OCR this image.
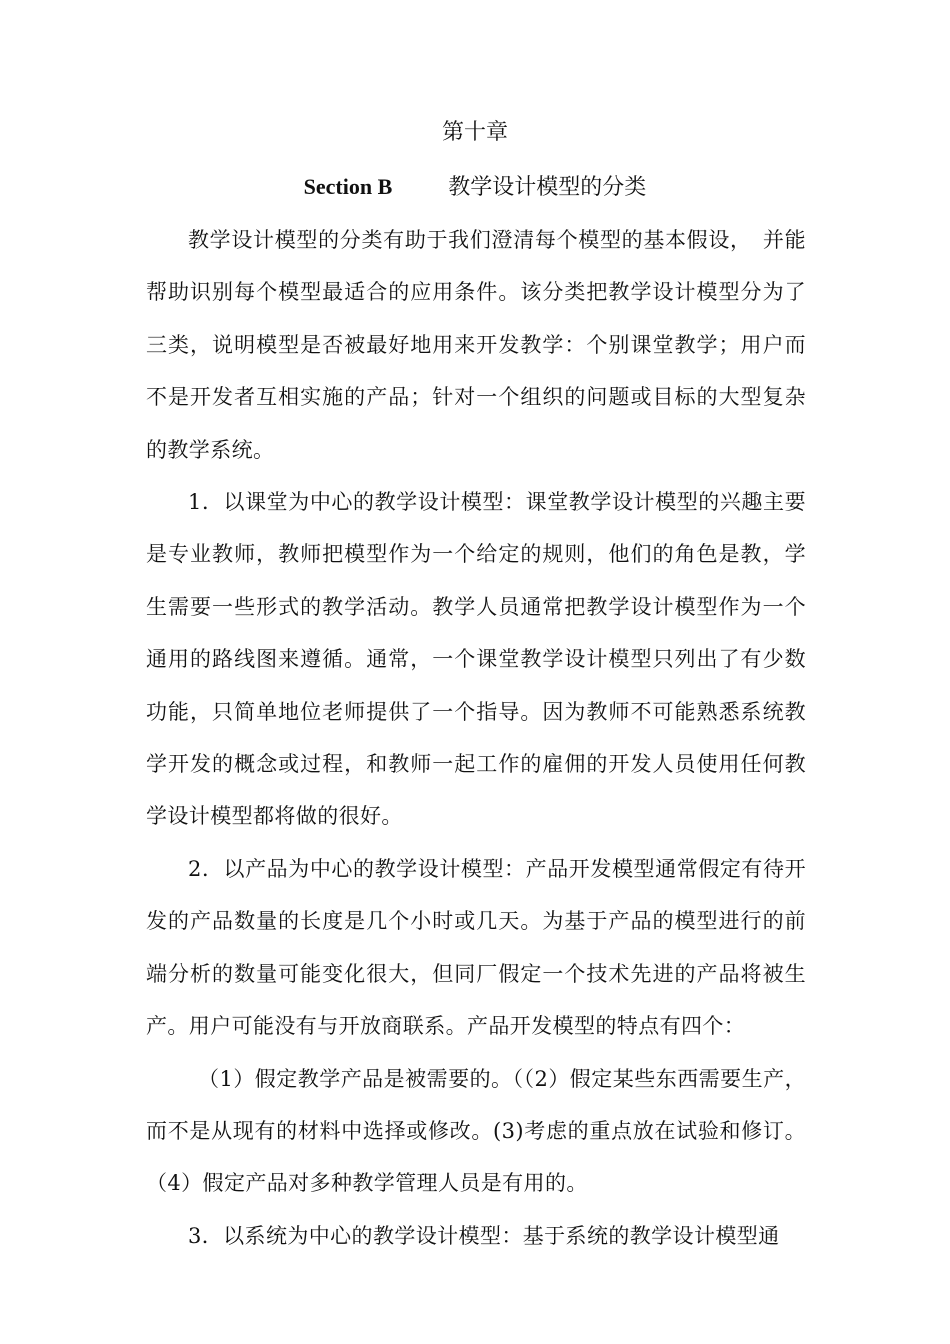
第十章
Section B	教学设计模型的分类

教学设计模型的分类有助于我们澄清每个模型的基本假设，　并能帮助识别每个模型最适合的应用条件。该分类把教学设计模型分为了三类，说明模型是否被最好地用来开发教学：个别课堂教学；用户而不是开发者互相实施的产品；针对一个组织的问题或目标的大型复杂的教学系统。

1．以课堂为中心的教学设计模型：课堂教学设计模型的兴趣主要是专业教师，教师把模型作为一个给定的规则，他们的角色是教，学生需要一些形式的教学活动。教学人员通常把教学设计模型作为一个通用的路线图来遵循。通常，一个课堂教学设计模型只列出了有少数功能，只简单地位老师提供了一个指导。因为教师不可能熟悉系统教学开发的概念或过程，和教师一起工作的雇佣的开发人员使用任何教学设计模型都将做的很好。

2．以产品为中心的教学设计模型：产品开发模型通常假定有待开发的产品数量的长度是几个小时或几天。为基于产品的模型进行的前端分析的数量可能变化很大，但同厂假定一个技术先进的产品将被生产。用户可能没有与开放商联系。产品开发模型的特点有四个：

（1）假定教学产品是被需要的。（（2）假定某些东西需要生产，而不是从现有的材料中选择或修改。(3)考虑的重点放在试验和修订。（4）假定产品对多种教学管理人员是有用的。

3．以系统为中心的教学设计模型：基于系统的教学设计模型通
